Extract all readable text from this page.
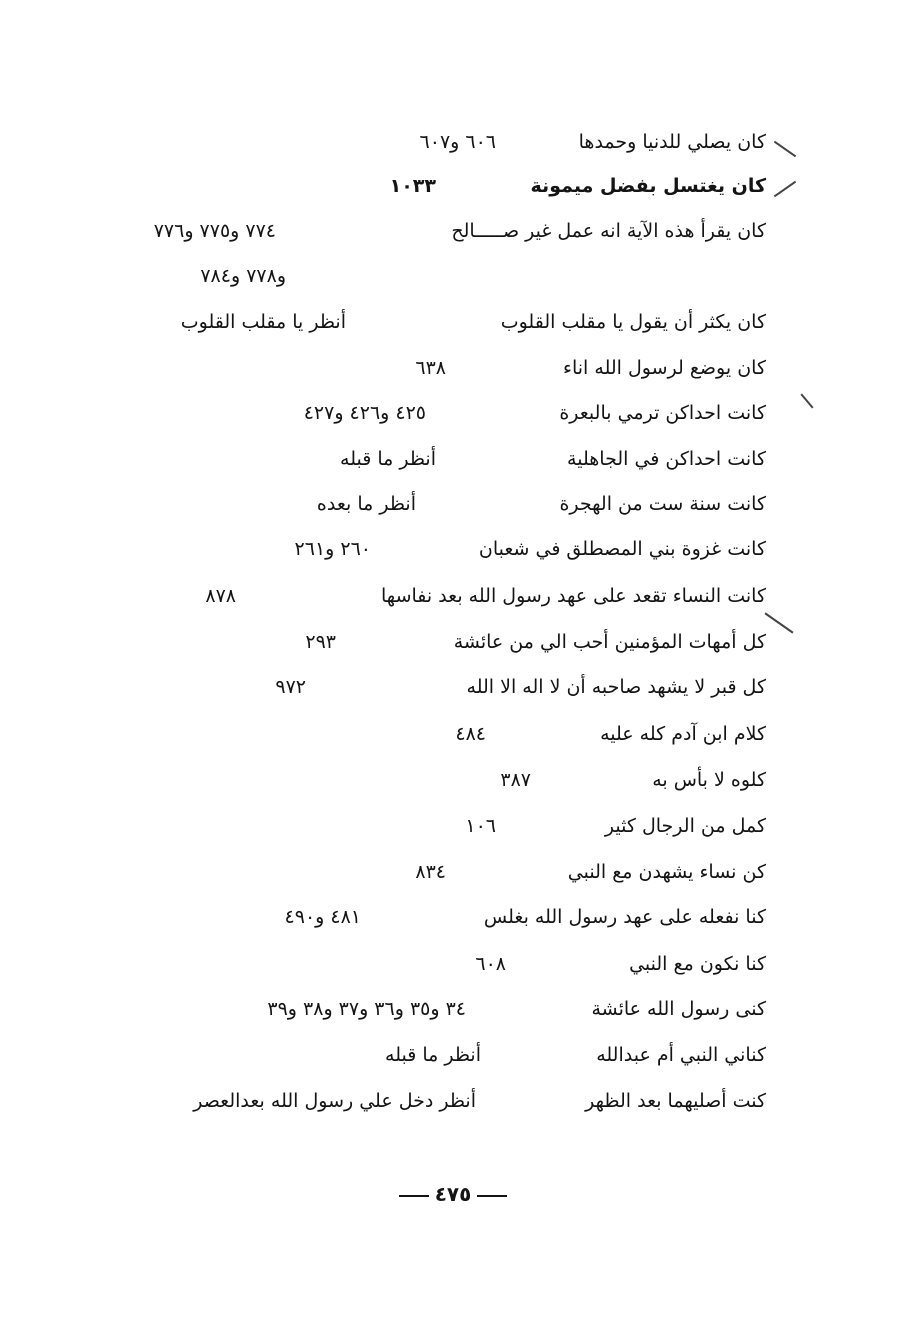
كان يصلي للدنيا وحمدها
٦٠٦ و٦٠٧
كان يغتسل بفضل ميمونة
١٠٣٣
كان يقرأ هذه الآية انه عمل غير صـــــالح
٧٧٤ و٧٧٥ و٧٧٦
و٧٧٨ و٧٨٤
كان يكثر أن يقول يا مقلب القلوب
أنظر يا مقلب القلوب
كان يوضع لرسول الله اناء
٦٣٨
كانت احداكن ترمي بالبعرة
٤٢٥ و٤٢٦ و٤٢٧
كانت احداكن في الجاهلية
أنظر ما قبله
كانت سنة ست من الهجرة
أنظر ما بعده
كانت غزوة بني المصطلق في شعبان
٢٦٠ و٢٦١
كانت النساء تقعد على عهد رسول الله بعد نفاسها
٨٧٨
كل أمهات المؤمنين أحب الي من عائشة
٢٩٣
كل قبر لا يشهد صاحبه أن لا اله الا الله
٩٧٢
كلام ابن آدم كله عليه
٤٨٤
كلوه لا بأس به
٣٨٧
كمل من الرجال كثير
١٠٦
كن نساء يشهدن مع النبي
٨٣٤
كنا نفعله على عهد رسول الله بغلس
٤٨١ و٤٩٠
كنا نكون مع النبي
٦٠٨
كنى رسول الله عائشة
٣٤ و٣٥ و٣٦ و٣٧ و٣٨ و٣٩
كناني النبي أم عبدالله
أنظر ما قبله
كنت أصليهما بعد الظهر
أنظر دخل علي رسول الله بعدالعصر
٤٧٥
